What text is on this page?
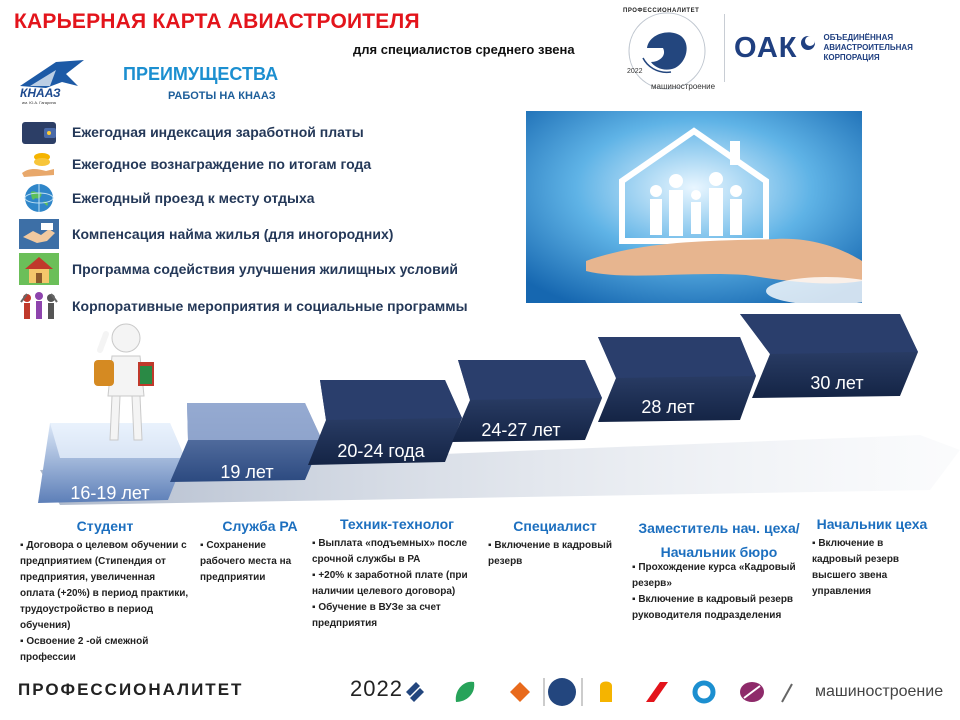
КАРЬЕРНАЯ КАРТА АВИАСТРОИТЕЛЯ
для специалистов среднего звена
2022
машиностроение
ПРОФЕССИОНАЛИТЕТ
ОАК	ОБЪЕДИНЁННАЯ
АВИАСТРОИТЕЛЬНАЯ
КОРПОРАЦИЯ
КНААЗ
им. Ю.А. Гагарина
ПРЕИМУЩЕСТВА
РАБОТЫ НА КНААЗ
Ежегодная индексация заработной платы
Ежегодное вознаграждение по итогам года
Ежегодный проезд к месту отдыха
Компенсация найма жилья (для иногородних)
Программа содействия улучшения жилищных условий
Корпоративные мероприятия и социальные программы
16-19 лет
19 лет
20-24 года
24-27 лет
28 лет
30 лет
Студент	Служба РА	Техник-технолог	Специалист	Заместитель нач. цеха/ Начальник бюро
Начальник цеха

▪ Договора о целевом обучении с предприятием (Стипендия от предприятия, увеличенная оплата (+20%) в период практики, трудоустройство в период обучения)

▪ Освоение 2 -ой смежной профессии

▪ Сохранение рабочего места на предприятии

▪ Выплата «подъемных» после срочной службы в РА

▪ +20% к заработной плате (при наличии целевого договора)

▪ Обучение в ВУЗе за счет предприятия

▪ Включение в кадровый резерв

▪ Прохождение курса «Кадровый резерв»

▪ Включение в кадровый резерв руководителя подразделения

▪ Включение в кадровый резерв высшего звена управления

ПРОФЕССИОНАЛИТЕТ	2022	машиностроение
